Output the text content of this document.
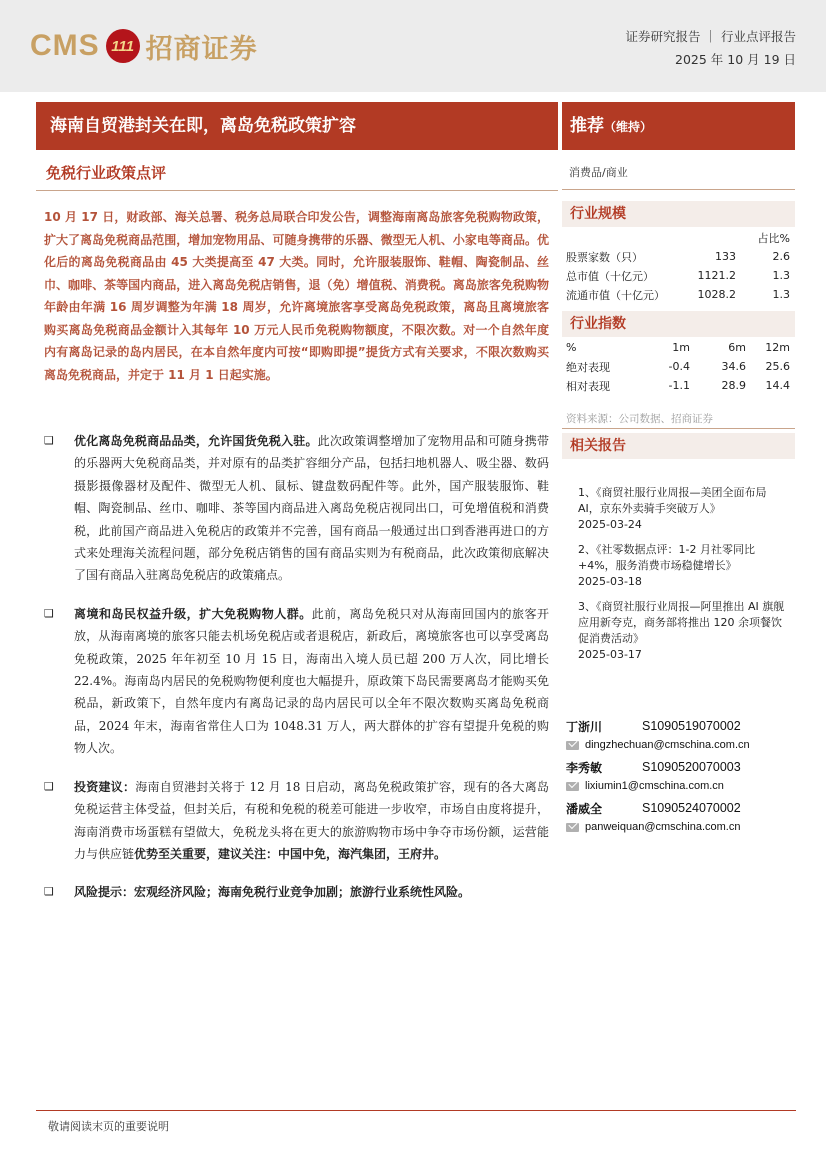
CMS 111 招商证券	证券研究报告 ｜ 行业点评报告
2025 年 10 月 19 日
海南自贸港封关在即，离岛免税政策扩容	推荐（维持）
免税行业政策点评
10 月 17 日，财政部、海关总署、税务总局联合印发公告，调整海南离岛旅客免税购物政策，扩大了离岛免税商品范围，增加宠物用品、可随身携带的乐器、微型无人机、小家电等商品。优化后的离岛免税商品由 45 大类提高至 47 大类。同时，允许服装服饰、鞋帽、陶瓷制品、丝巾、咖啡、茶等国内商品，进入离岛免税店销售，退（免）增值税、消费税。离岛旅客免税购物年龄由年满 16 周岁调整为年满 18 周岁，允许离境旅客享受离岛免税政策，离岛且离境旅客购买离岛免税商品金额计入其每年 10 万元人民币免税购物额度，不限次数。对一个自然年度内有离岛记录的岛内居民，在本自然年度内可按“即购即提”提货方式有关要求，不限次数购买离岛免税商品，并定于 11 月 1 日起实施。
❑ 优化离岛免税商品品类，允许国货免税入驻。此次政策调整增加了宠物用品和可随身携带的乐器两大免税商品类，并对原有的品类扩容细分产品，包括扫地机器人、吸尘器、数码摄影摄像器材及配件、微型无人机、鼠标、键盘数码配件等。此外，国产服装服饰、鞋帽、陶瓷制品、丝巾、咖啡、茶等国内商品进入离岛免税店视同出口，可免增值税和消费税，此前国产商品进入免税店的政策并不完善，国有商品一般通过出口到香港再进口的方式来处理海关流程问题，部分免税店销售的国有商品实则为有税商品，此次政策彻底解决了国有商品入驻离岛免税店的政策痛点。
❑ 离境和岛民权益升级，扩大免税购物人群。此前，离岛免税只对从海南回国内的旅客开放，从海南离境的旅客只能去机场免税店或者退税店，新政后，离境旅客也可以享受离岛免税政策，2025 年年初至 10 月 15 日，海南出入境人员已超 200 万人次，同比增长 22.4%。海南岛内居民的免税购物便利度也大幅提升，原政策下岛民需要离岛才能购买免税品，新政策下，自然年度内有离岛记录的岛内居民可以全年不限次数购买离岛免税商品，2024 年末，海南省常住人口为 1048.31 万人，两大群体的扩容有望提升免税的购物人次。
❑ 投资建议：海南自贸港封关将于 12 月 18 日启动，离岛免税政策扩容，现有的各大离岛免税运营主体受益，但封关后，有税和免税的税差可能进一步收窄，市场自由度将提升，海南消费市场蛋糕有望做大，免税龙头将在更大的旅游购物市场中争夺市场份额，运营能力与供应链优势至关重要，建议关注：中国中免，海汽集团，王府井。
❑ 风险提示：宏观经济风险；海南免税行业竞争加剧；旅游行业系统性风险。
消费品/商业
行业规模
		占比%
股票家数（只）	133	2.6
总市值（十亿元）	1121.2	1.3
流通市值（十亿元）	1028.2	1.3
行业指数
%	1m	6m	12m
绝对表现	-0.4	34.6	25.6
相对表现	-1.1	28.9	14.4
资料来源：公司数据、招商证券
相关报告
1、《商贸社服行业周报—美团全面布局 AI，京东外卖骑手突破万人》
2025-03-24
2、《社零数据点评：1-2 月社零同比 +4%，服务消费市场稳健增长》
2025-03-18
3、《商贸社服行业周报—阿里推出 AI 旗舰应用新夸克，商务部将推出 120 余项餐饮促消费活动》
2025-03-17
丁浙川	S1090519070002
dingzhechuan@cmschina.com.cn
李秀敏	S1090520070003
lixiumin1@cmschina.com.cn
潘威全	S1090524070002
panweiquan@cmschina.com.cn
敬请阅读末页的重要说明
